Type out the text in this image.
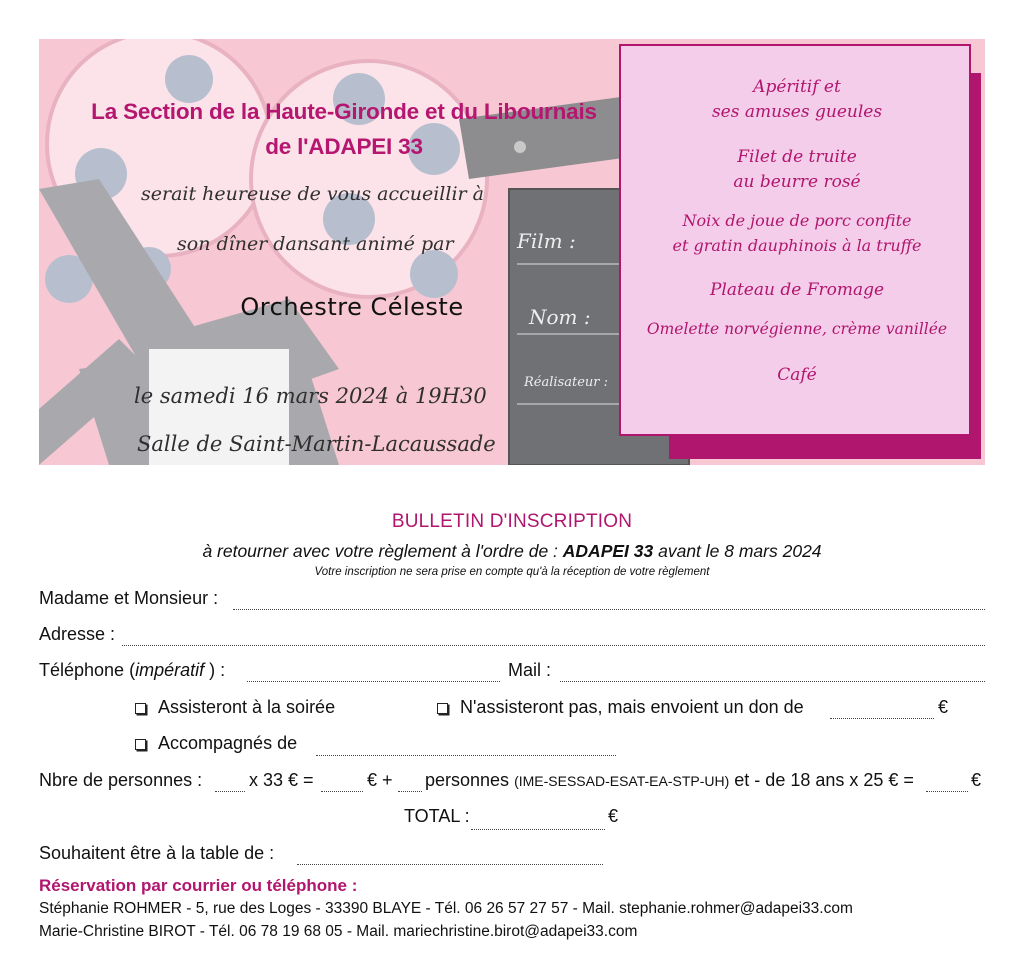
Film :
Nom :
Réalisateur :
La Section de la Haute-Gironde et du Libournais
de l'ADAPEI 33
serait heureuse de vous accueillir à
son dîner dansant animé par
Orchestre Céleste
le samedi 16 mars 2024 à 19H30
Salle de Saint-Martin-Lacaussade
Apéritif et
ses amuses gueules
Filet de truite
au beurre rosé
Noix de joue de porc confite
et gratin dauphinois à la truffe
Plateau de Fromage
Omelette norvégienne, crème vanillée
Café
BULLETIN D'INSCRIPTION
à retourner avec votre règlement à l'ordre de : ADAPEI 33 avant le 8 mars 2024
Votre inscription ne sera prise en compte qu'à la réception de votre règlement
Madame et Monsieur :
Adresse :
Téléphone (impératif ) :	Mail :
Assisteront à la soirée	N'assisteront pas, mais envoient un don de	€
Accompagnés de
Nbre de personnes :	x 33 € =	€ + personnes (IME-SESSAD-ESAT-EA-STP-UH) et - de 18 ans x 25 € =	€
TOTAL :	€
Souhaitent être à la table de :
Réservation par courrier ou téléphone :
Stéphanie ROHMER - 5, rue des Loges - 33390 BLAYE - Tél. 06 26 57 27 57 - Mail. stephanie.rohmer@adapei33.com
Marie-Christine BIROT - Tél. 06 78 19 68 05 - Mail. mariechristine.birot@adapei33.com
